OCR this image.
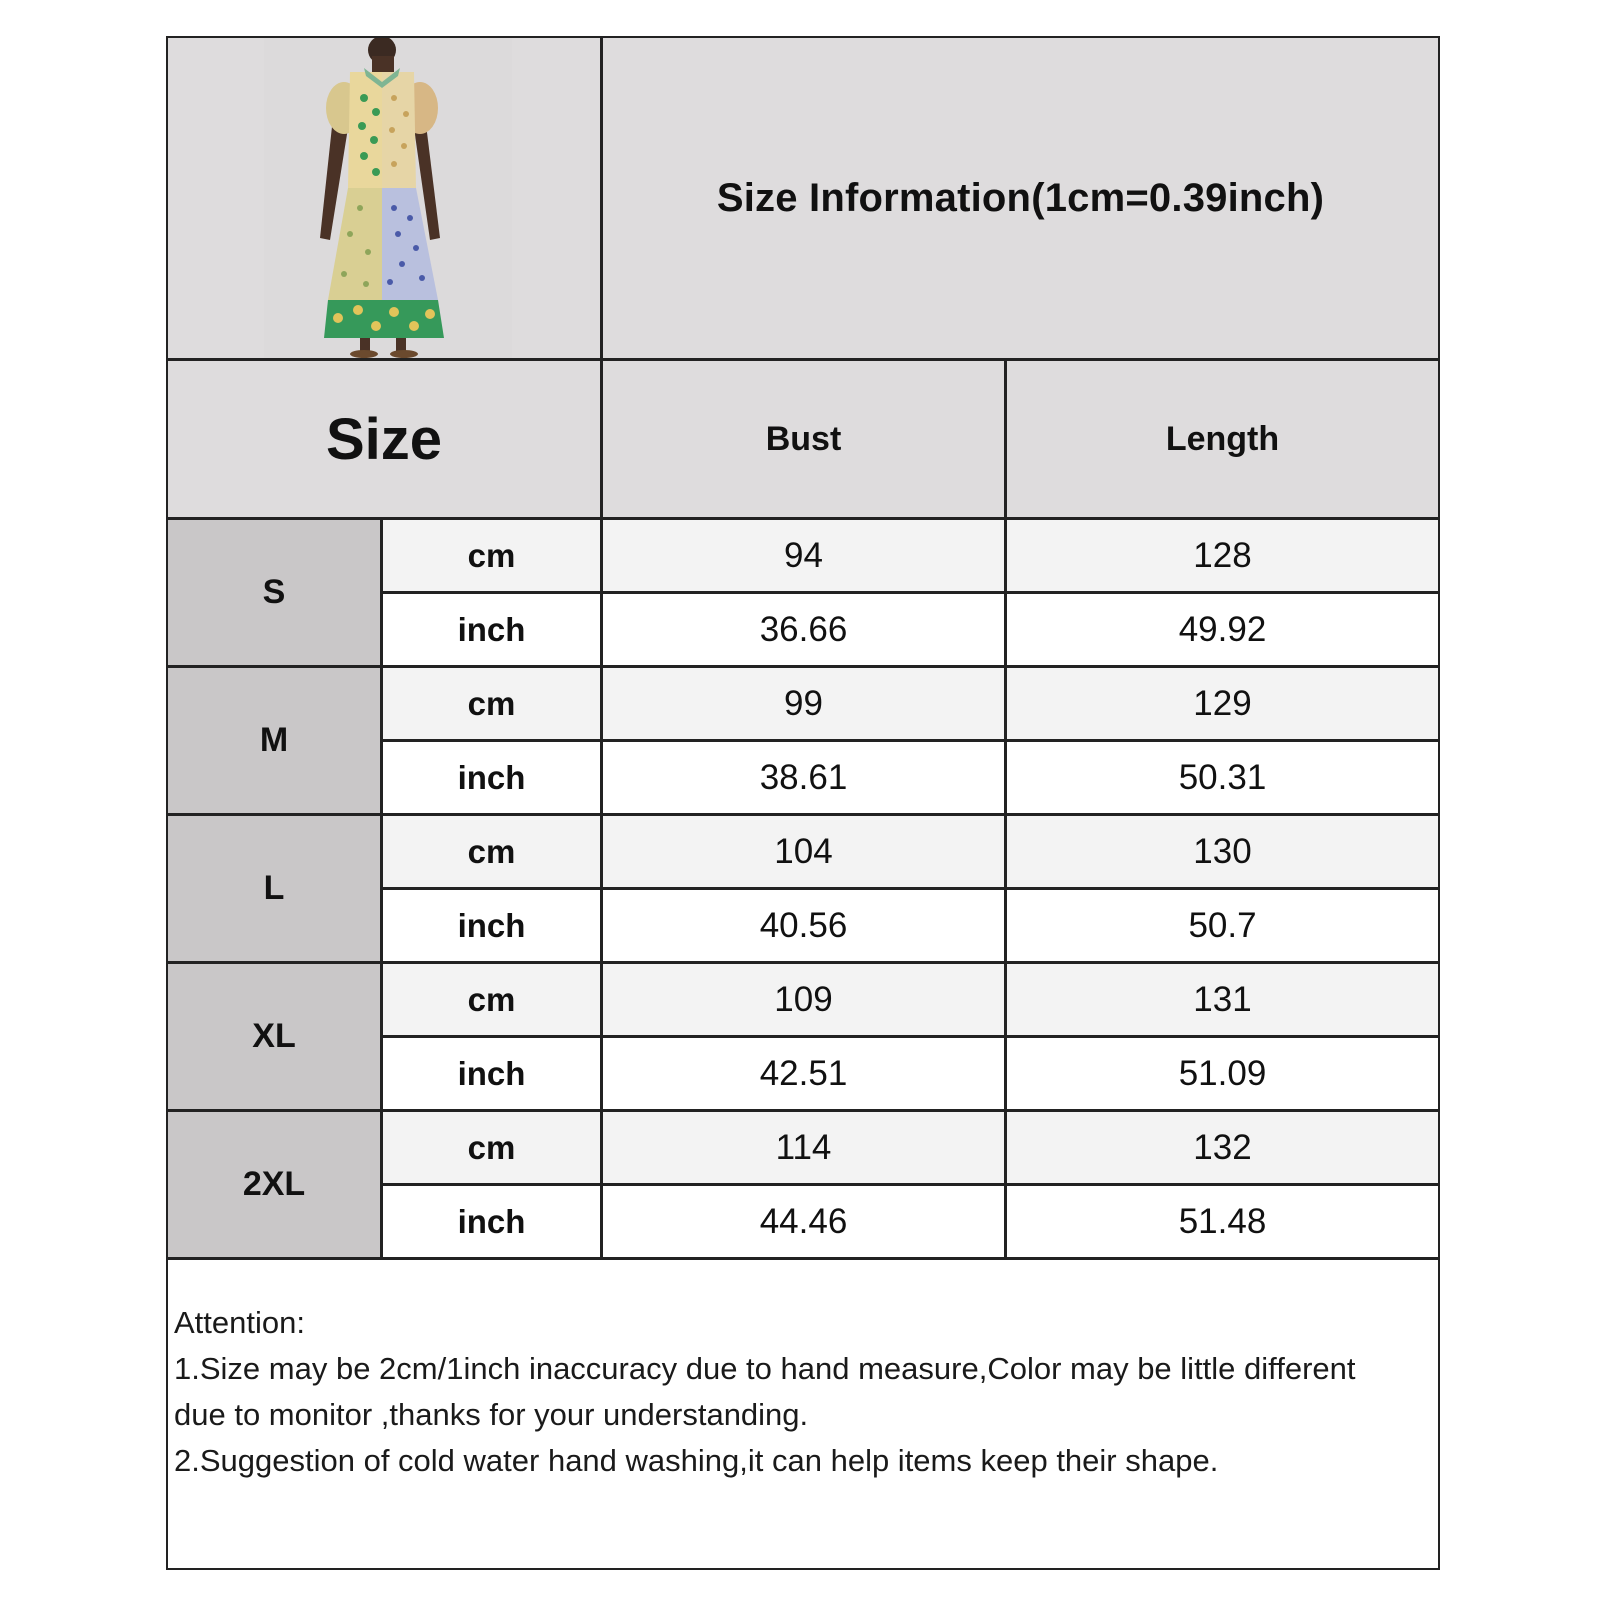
Size Information(1cm=0.39inch)
Size	Bust	Length
S
cm	94	128
inch	36.66	49.92
M
cm	99	129
inch	38.61	50.31
L
cm	104	130
inch	40.56	50.7
XL
cm	109	131
inch	42.51	51.09
2XL
cm	114	132
inch	44.46	51.48
Attention:
1.Size may be 2cm/1inch inaccuracy due to hand measure,Color may be little different due to monitor ,thanks for your understanding.
2.Suggestion of cold water hand washing,it can help items keep their shape.
